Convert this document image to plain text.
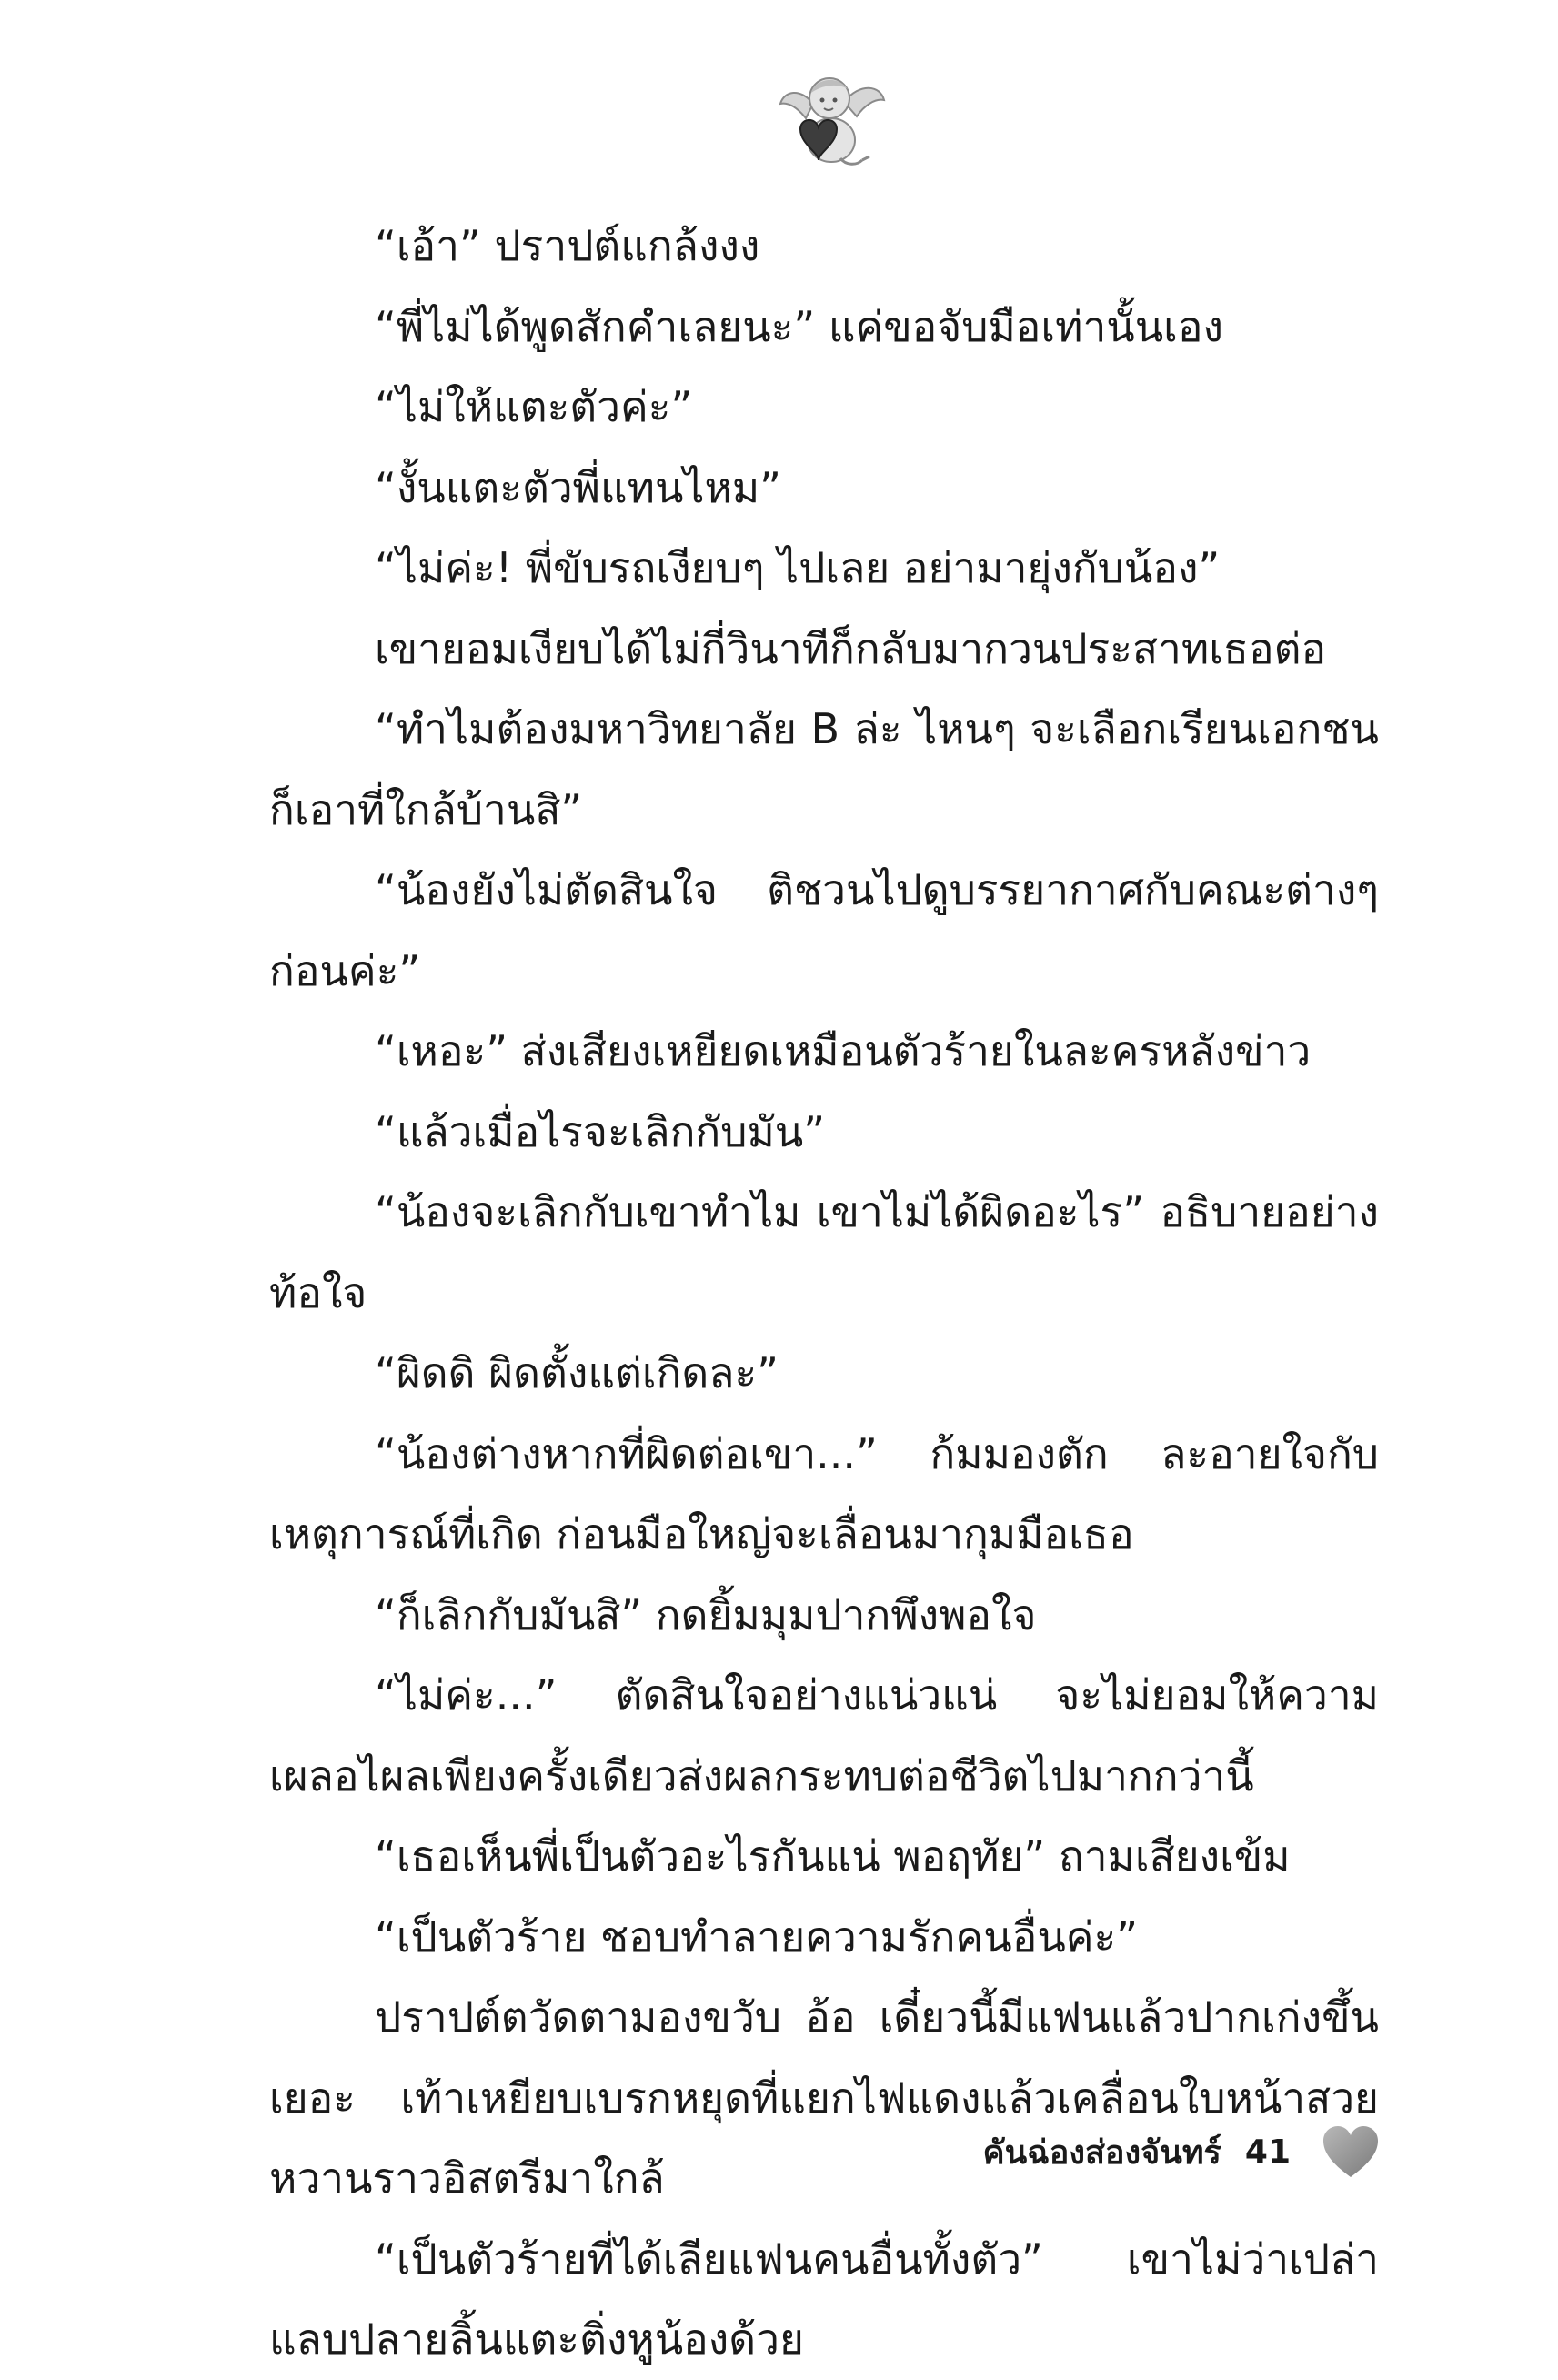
“เอ้า” ปราปต์แกล้งงง

“พี่ไม่ได้พูดสักคำเลยนะ” แค่ขอจับมือเท่านั้นเอง

“ไม่ให้แตะตัวค่ะ”

“งั้นแตะตัวพี่แทนไหม”

“ไม่ค่ะ! พี่ขับรถเงียบๆ ไปเลย อย่ามายุ่งกับน้อง”

เขายอมเงียบได้ไม่กี่วินาทีก็กลับมากวนประสาทเธอต่อ

“ทำไมต้องมหาวิทยาลัย B ล่ะ ไหนๆ จะเลือกเรียนเอกชนก็เอาที่ใกล้บ้านสิ”

“น้องยังไม่ตัดสินใจ ติชวนไปดูบรรยากาศกับคณะต่างๆ ก่อนค่ะ”

“เหอะ” ส่งเสียงเหยียดเหมือนตัวร้ายในละครหลังข่าว

“แล้วเมื่อไรจะเลิกกับมัน”

“น้องจะเลิกกับเขาทำไม เขาไม่ได้ผิดอะไร” อธิบายอย่างท้อใจ

“ผิดดิ ผิดตั้งแต่เกิดละ”

“น้องต่างหากที่ผิดต่อเขา...” ก้มมองตัก ละอายใจกับเหตุการณ์ที่เกิด ก่อนมือใหญ่จะเลื่อนมากุมมือเธอ

“ก็เลิกกับมันสิ” กดยิ้มมุมปากพึงพอใจ

“ไม่ค่ะ...” ตัดสินใจอย่างแน่วแน่ จะไม่ยอมให้ความเผลอไผลเพียงครั้งเดียวส่งผลกระทบต่อชีวิตไปมากกว่านี้

“เธอเห็นพี่เป็นตัวอะไรกันแน่ พอฤทัย” ถามเสียงเข้ม

“เป็นตัวร้าย ชอบทำลายความรักคนอื่นค่ะ”

ปราปต์ตวัดตามองขวับ อ้อ เดี๋ยวนี้มีแฟนแล้วปากเก่งขึ้นเยอะ เท้าเหยียบเบรกหยุดที่แยกไฟแดงแล้วเคลื่อนใบหน้าสวยหวานราวอิสตรีมาใกล้

“เป็นตัวร้ายที่ได้เลียแฟนคนอื่นทั้งตัว” เขาไม่ว่าเปล่าแลบปลายลิ้นแตะติ่งหูน้องด้วย

คันฉ่องส่องจันทร์ 41
